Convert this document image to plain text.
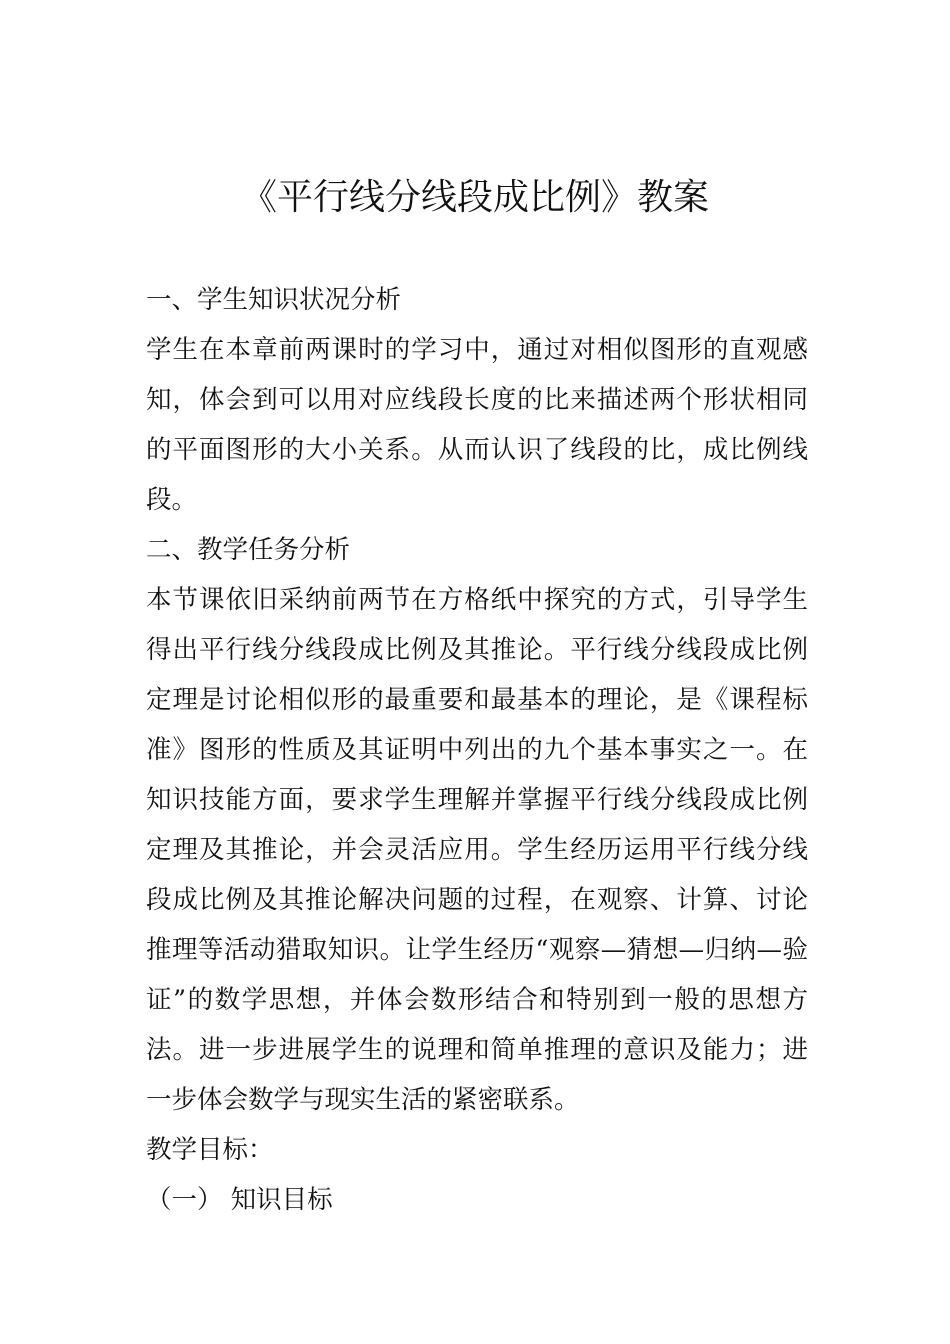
《平行线分线段成比例》教案

一、学生知识状况分析

学生在本章前两课时的学习中，通过对相似图形的直观感知，体会到可以用对应线段长度的比来描述两个形状相同的平面图形的大小关系。从而认识了线段的比，成比例线段。

二、教学任务分析

本节课依旧采纳前两节在方格纸中探究的方式，引导学生得出平行线分线段成比例及其推论。平行线分线段成比例定理是讨论相似形的最重要和最基本的理论，是《课程标准》图形的性质及其证明中列出的九个基本事实之一。在知识技能方面，要求学生理解并掌握平行线分线段成比例定理及其推论，并会灵活应用。学生经历运用平行线分线段成比例及其推论解决问题的过程，在观察、计算、讨论推理等活动猎取知识。让学生经历“观察—猜想—归纳—验证”的数学思想，并体会数形结合和特别到一般的思想方法。进一步进展学生的说理和简单推理的意识及能力；进一步体会数学与现实生活的紧密联系。

教学目标：

（一） 知识目标
